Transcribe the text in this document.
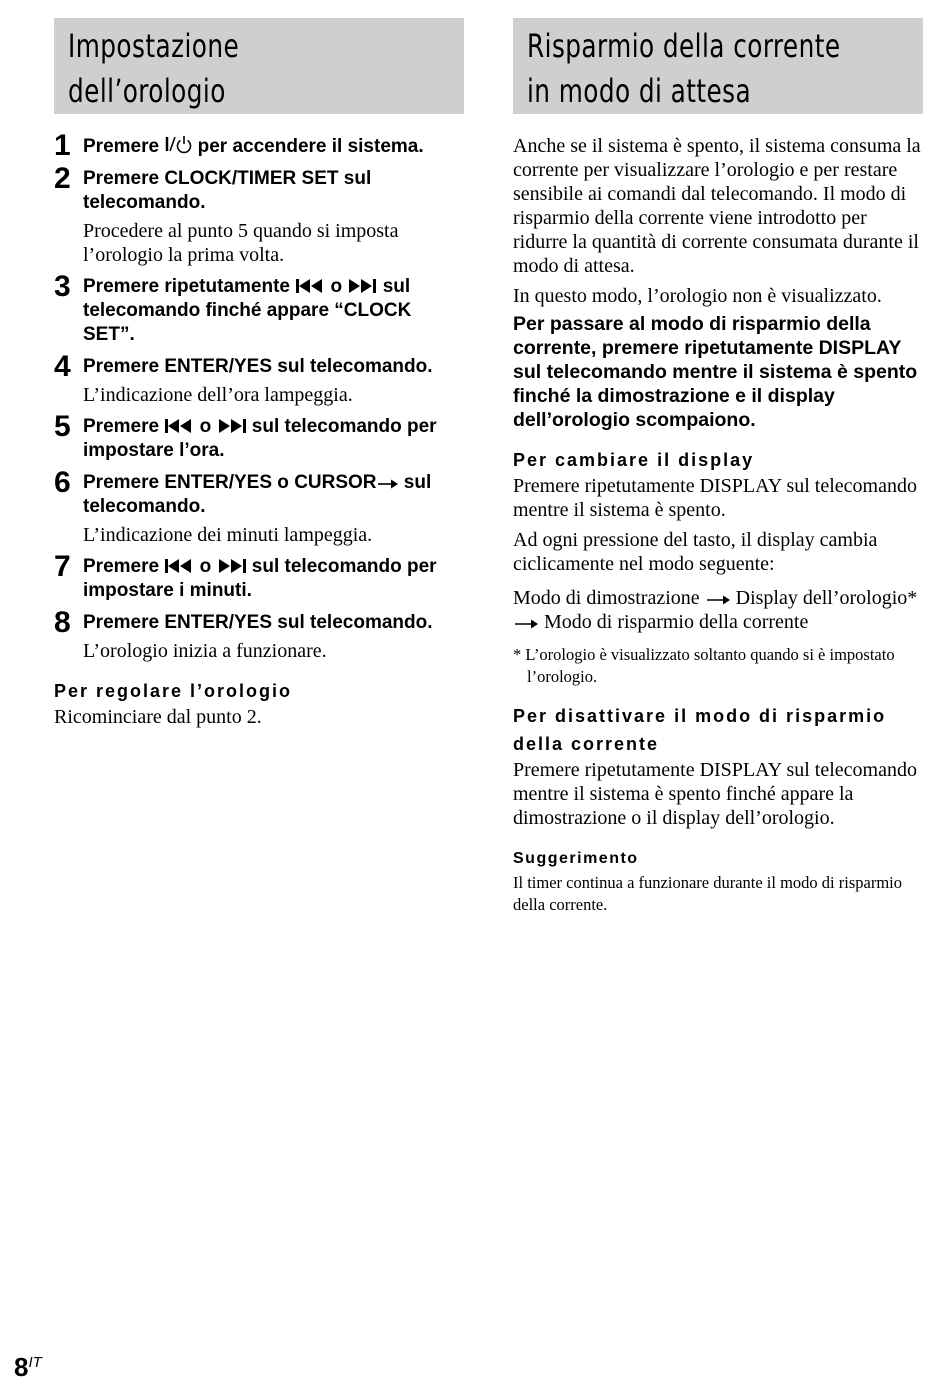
Impostazione
dell’orologio
1 Premere  per accendere il sistema.
2 Premere CLOCK/TIMER SET sul telecomando.
Procedere al punto 5 quando si imposta l’orologio la prima volta.
3 Premere ripetutamente  o  sul telecomando finché appare “CLOCK SET”.
4 Premere ENTER/YES sul telecomando.
L’indicazione dell’ora lampeggia.
5 Premere  o  sul telecomando per impostare l’ora.
6 Premere ENTER/YES o CURSOR sul telecomando.
L’indicazione dei minuti lampeggia.
7 Premere  o  sul telecomando per impostare i minuti.
8 Premere ENTER/YES sul telecomando.
L’orologio inizia a funzionare.
Per regolare l’orologio
Ricominciare dal punto 2.
Risparmio della corrente
in modo di attesa
Anche se il sistema è spento, il sistema consuma la corrente per visualizzare l’orologio e per restare sensibile ai comandi dal telecomando. Il modo di risparmio della corrente viene introdotto per ridurre la quantità di corrente consumata durante il modo di attesa.
In questo modo, l’orologio non è visualizzato.
Per passare al modo di risparmio della corrente, premere ripetutamente DISPLAY sul telecomando mentre il sistema è spento finché la dimostrazione e il display dell’orologio scompaiono.
Per cambiare il display
Premere ripetutamente DISPLAY sul telecomando mentre il sistema è spento.
Ad ogni pressione del tasto, il display cambia ciclicamente nel modo seguente:
Modo di dimostrazione  Display dell’orologio*  Modo di risparmio della corrente
* L’orologio è visualizzato soltanto quando si è impostato l’orologio.
Per disattivare il modo di risparmio della corrente
Premere ripetutamente DISPLAY sul telecomando mentre il sistema è spento finché appare la dimostrazione o il display dell’orologio.
Suggerimento
Il timer continua a funzionare durante il modo di risparmio della corrente.
$8^{IT}$
